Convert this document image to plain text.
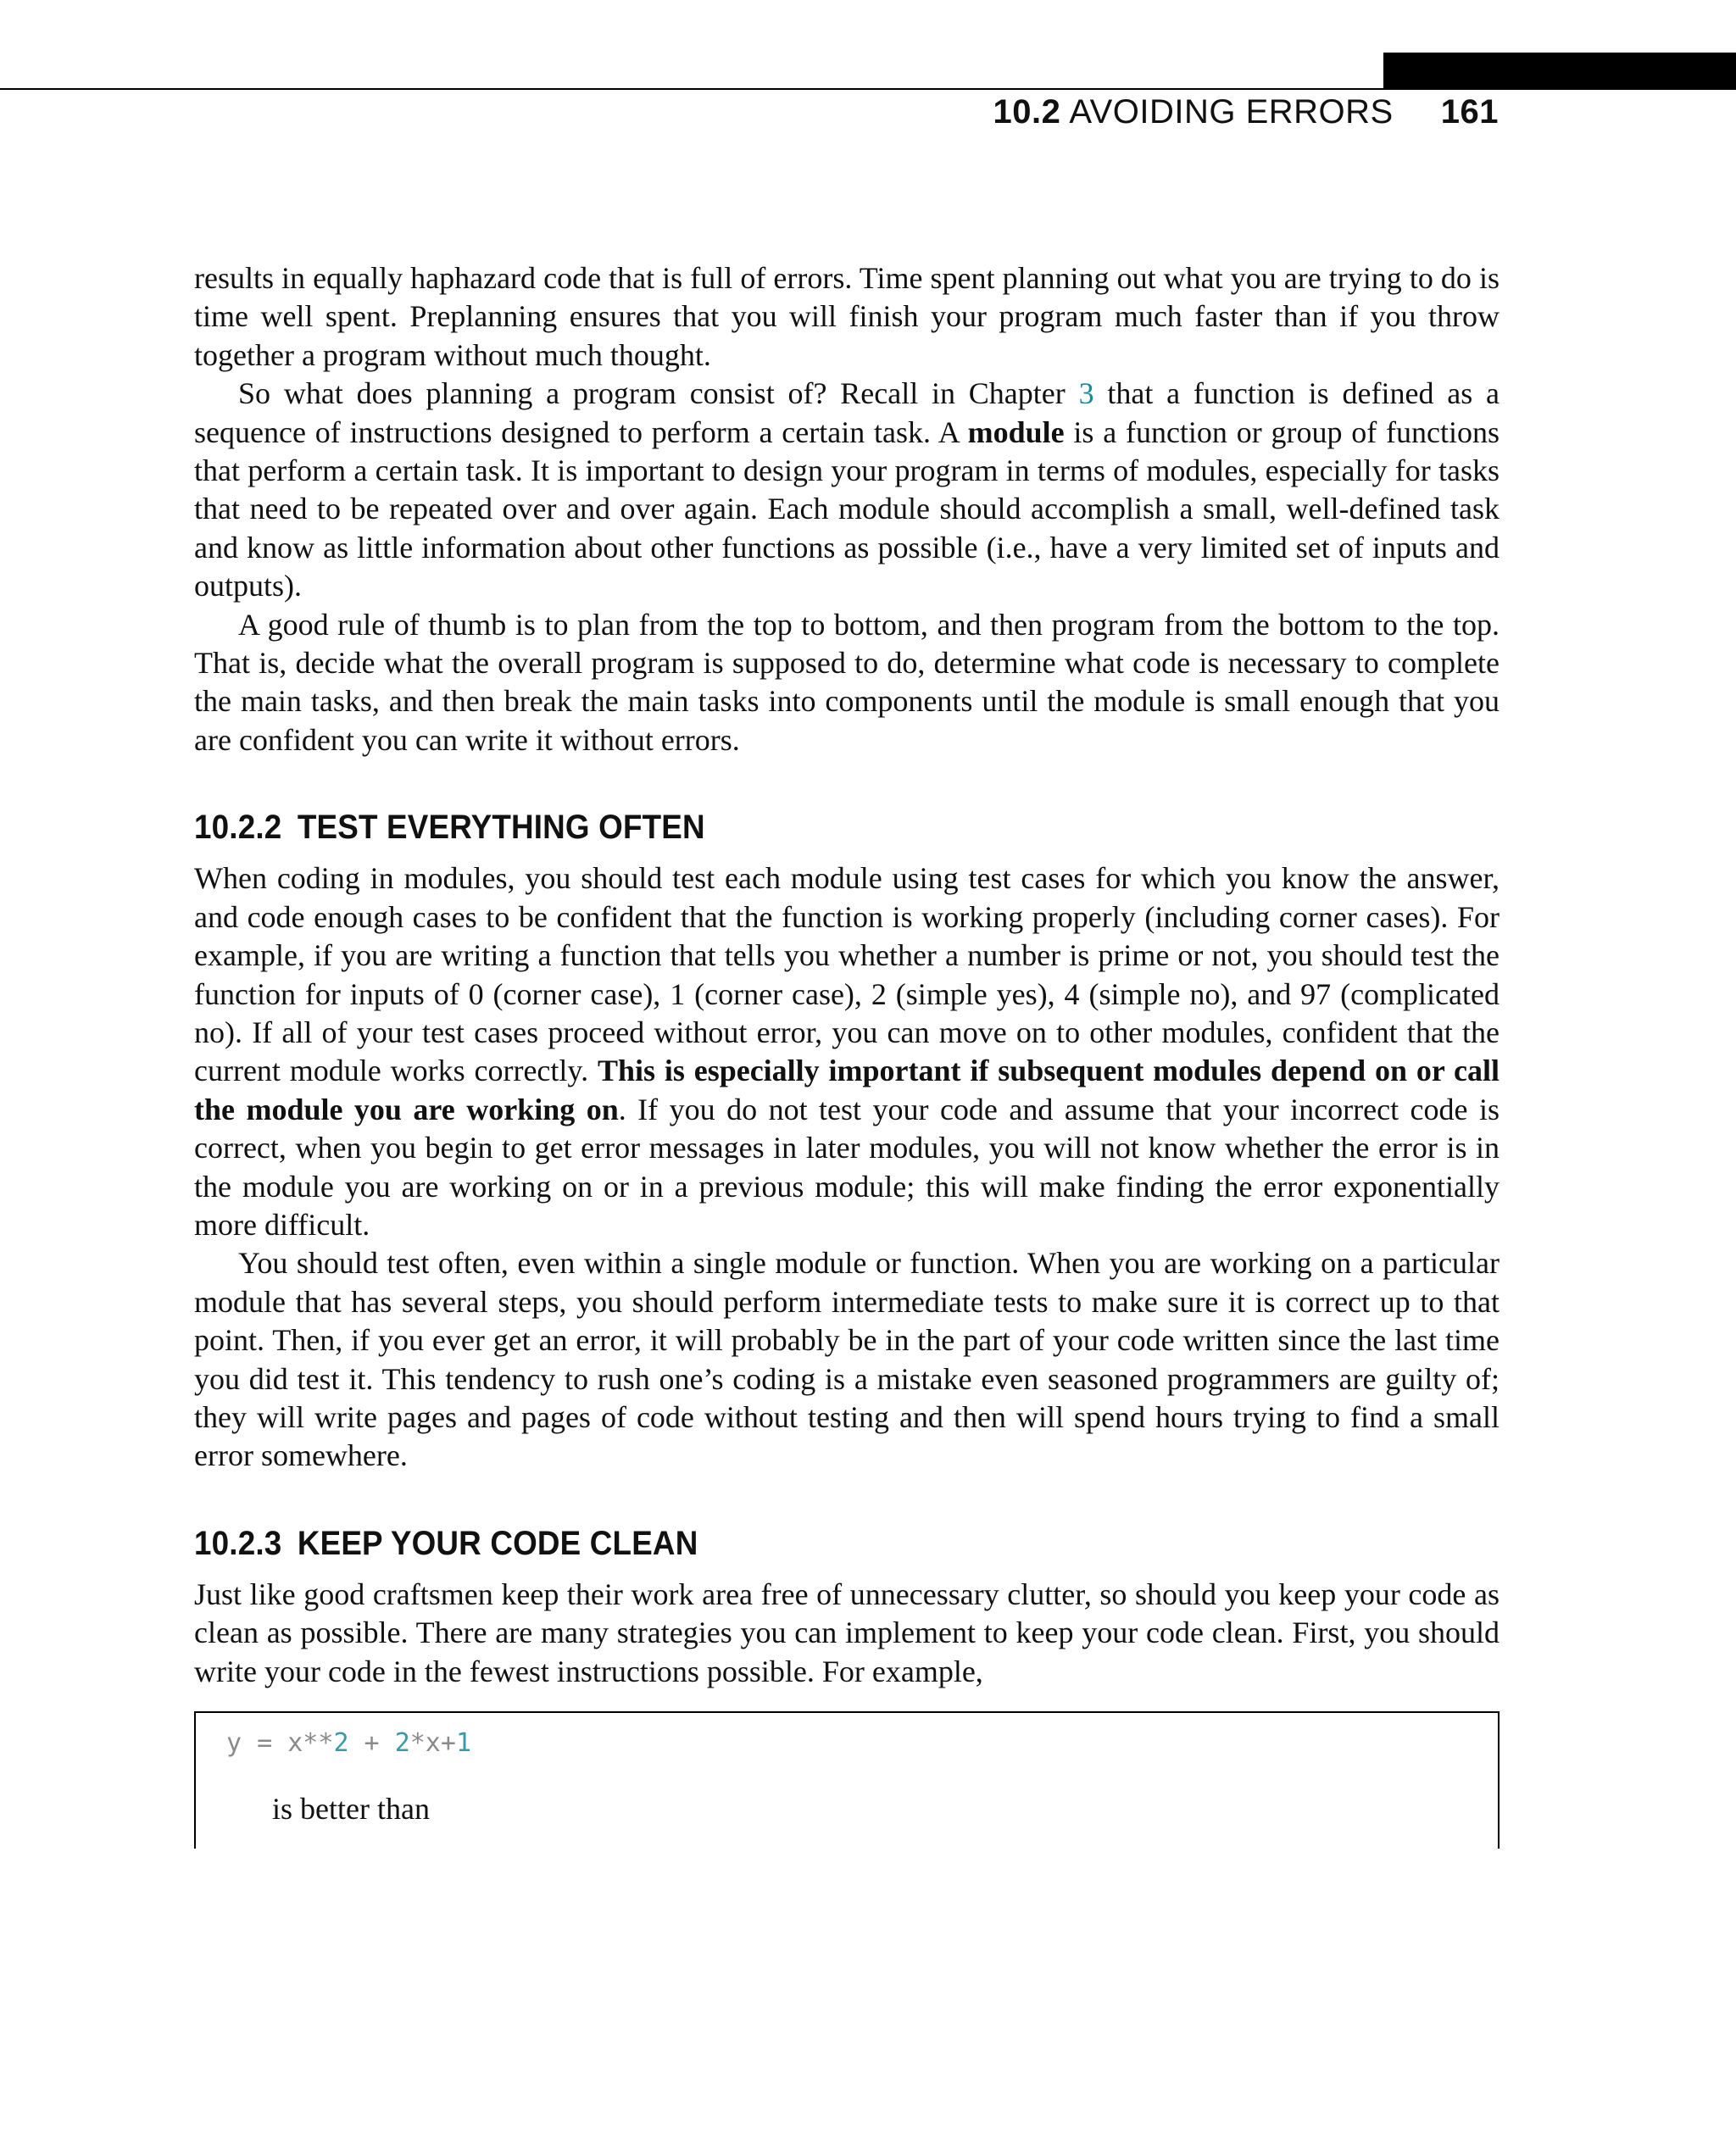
10.2 AVOIDING ERRORS 161

results in equally haphazard code that is full of errors. Time spent planning out what you are trying to do is time well spent. Preplanning ensures that you will finish your program much faster than if you throw together a program without much thought.

So what does planning a program consist of? Recall in Chapter 3 that a function is defined as a sequence of instructions designed to perform a certain task. A module is a function or group of functions that perform a certain task. It is important to design your program in terms of modules, especially for tasks that need to be repeated over and over again. Each module should accomplish a small, well-defined task and know as little information about other functions as possible (i.e., have a very limited set of inputs and outputs).

A good rule of thumb is to plan from the top to bottom, and then program from the bottom to the top. That is, decide what the overall program is supposed to do, determine what code is necessary to complete the main tasks, and then break the main tasks into components until the module is small enough that you are confident you can write it without errors.

10.2.2 TEST EVERYTHING OFTEN

When coding in modules, you should test each module using test cases for which you know the answer, and code enough cases to be confident that the function is working properly (including corner cases). For example, if you are writing a function that tells you whether a number is prime or not, you should test the function for inputs of 0 (corner case), 1 (corner case), 2 (simple yes), 4 (simple no), and 97 (complicated no). If all of your test cases proceed without error, you can move on to other modules, confident that the current module works correctly. This is especially important if subsequent modules depend on or call the module you are working on. If you do not test your code and assume that your incorrect code is correct, when you begin to get error messages in later modules, you will not know whether the error is in the module you are working on or in a previous module; this will make finding the error exponentially more difficult.

You should test often, even within a single module or function. When you are working on a particular module that has several steps, you should perform intermediate tests to make sure it is correct up to that point. Then, if you ever get an error, it will probably be in the part of your code written since the last time you did test it. This tendency to rush one’s coding is a mistake even seasoned programmers are guilty of; they will write pages and pages of code without testing and then will spend hours trying to find a small error somewhere.

10.2.3 KEEP YOUR CODE CLEAN

Just like good craftsmen keep their work area free of unnecessary clutter, so should you keep your code as clean as possible. There are many strategies you can implement to keep your code clean. First, you should write your code in the fewest instructions possible. For example,

y = x**2 + 2*x+1
is better than
